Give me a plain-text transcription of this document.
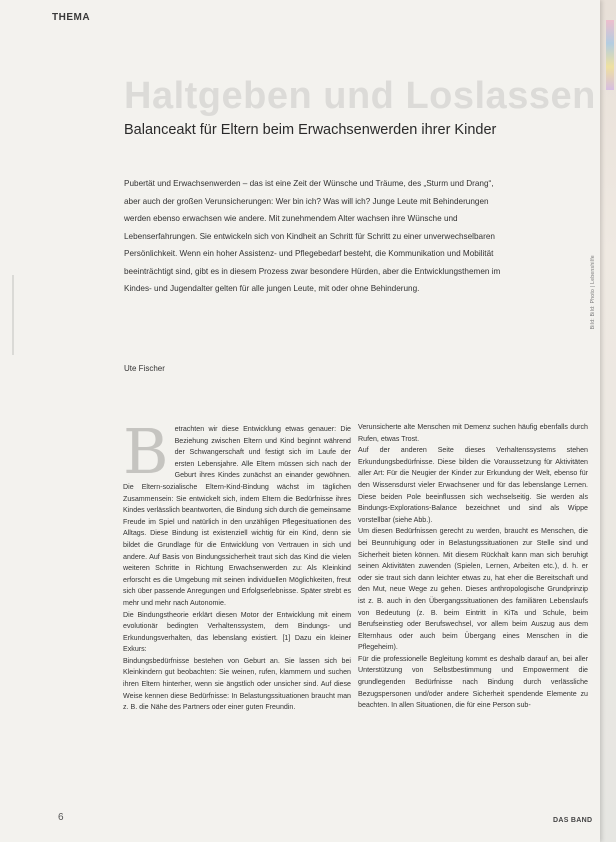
THEMA
Haltgeben und Loslassen
Balanceakt für Eltern beim Erwachsenwerden ihrer Kinder

Pubertät und Erwachsenwerden – das ist eine Zeit der Wünsche und Träume, des „Sturm und Drang“, aber auch der großen Verunsicherungen: Wer bin ich? Was will ich? Junge Leute mit Behinderungen werden ebenso erwachsen wie andere. Mit zunehmendem Alter wachsen ihre Wünsche und Lebenserfahrungen. Sie entwickeln sich von Kindheit an Schritt für Schritt zu einer unverwechselbaren Persönlichkeit. Wenn ein hoher Assistenz- und Pflegebedarf besteht, die Kommunikation und Mobilität beeinträchtigt sind, gibt es in diesem Prozess zwar besondere Hürden, aber die Entwicklungsthemen im Kindes- und Jugendalter gelten für alle jungen Leute, mit oder ohne Behinderung.

Ute Fischer
B etrachten wir diese Entwicklung etwas genauer: Die Beziehung zwischen Eltern und Kind beginnt während der Schwangerschaft und festigt sich im Laufe der ersten Lebensjahre. Alle Eltern müssen sich nach der Geburt ihres Kindes zunächst an einander gewöhnen. Die Eltern-sozialische Eltern-Kind-Bindung wächst im täglichen Zusammensein: Sie entwickelt sich, indem Eltern die Bedürfnisse ihres Kindes verlässlich beantworten, die Bindung sich durch die gemeinsame Freude im Spiel und natürlich in den unzähligen Pflegesituationen des Alltags. Diese Bindung ist existenziell wichtig für ein Kind, denn sie bildet die Grundlage für die Entwicklung von Vertrauen in sich und andere. Auf Basis von Bindungssicherheit traut sich das Kind die vielen weiteren Schritte in Richtung Erwachsenwerden zu: Als Kleinkind erforscht es die Umgebung mit seinen individuellen Möglichkeiten, freut sich über passende Anregungen und Erfolgserlebnisse. Später strebt es mehr und mehr nach Autonomie.

Die Bindungstheorie erklärt diesen Motor der Entwicklung mit einem evolutionär bedingten Verhaltenssystem, dem Bindungs- und Erkundungsverhalten, das lebenslang existiert. [1] Dazu ein kleiner Exkurs:

Bindungsbedürfnisse bestehen von Geburt an. Sie lassen sich bei Kleinkindern gut beobachten: Sie weinen, rufen, klammern und suchen ihren Eltern hinterher, wenn sie ängstlich oder unsicher sind. Auf diese Weise kennen diese Bedürfnisse: In Belastungssituationen braucht man z. B. die Nähe des Partners oder einer guten Freundin.

Verunsicherte alte Menschen mit Demenz suchen häufig ebenfalls durch Rufen, etwas Trost.

Auf der anderen Seite dieses Verhaltenssystems stehen Erkundungsbedürfnisse. Diese bilden die Voraussetzung für Aktivitäten aller Art: Für die Neugier der Kinder zur Erkundung der Welt, ebenso für den Wissensdurst vieler Erwachsener und für das lebenslange Lernen. Diese beiden Pole beeinflussen sich wechselseitig. Sie werden als Bindungs-Explorations-Balance bezeichnet und sind als Wippe vorstellbar (siehe Abb.).

Um diesen Bedürfnissen gerecht zu werden, braucht es Menschen, die bei Beunruhigung oder in Belastungssituationen zur Stelle sind und Sicherheit bieten können. Mit diesem Rückhalt kann man sich beruhigt seinen Aktivitäten zuwenden (Spielen, Lernen, Arbeiten etc.), d. h. er oder sie traut sich dann leichter etwas zu, hat eher die Bereitschaft und den Mut, neue Wege zu gehen. Dieses anthropologische Grundprinzip ist z. B. auch in den Übergangssituationen des familiären Lebenslaufs von Bedeutung (z. B. beim Eintritt in KiTa und Schule, beim Berufseinstieg oder Berufswechsel, vor allem beim Auszug aus dem Elternhaus oder auch beim Übergang eines Menschen in die Pflegeheim).

Für die professionelle Begleitung kommt es deshalb darauf an, bei aller Unterstützung von Selbstbestimmung und Empowerment die grundlegenden Bedürfnisse nach Bindung durch verlässliche Bezugspersonen und/oder andere Sicherheit spendende Elemente zu beachten. In allen Situationen, die für eine Person sub-

6	DAS BAND
Bild: Bild: Photo | Lebenshilfe
